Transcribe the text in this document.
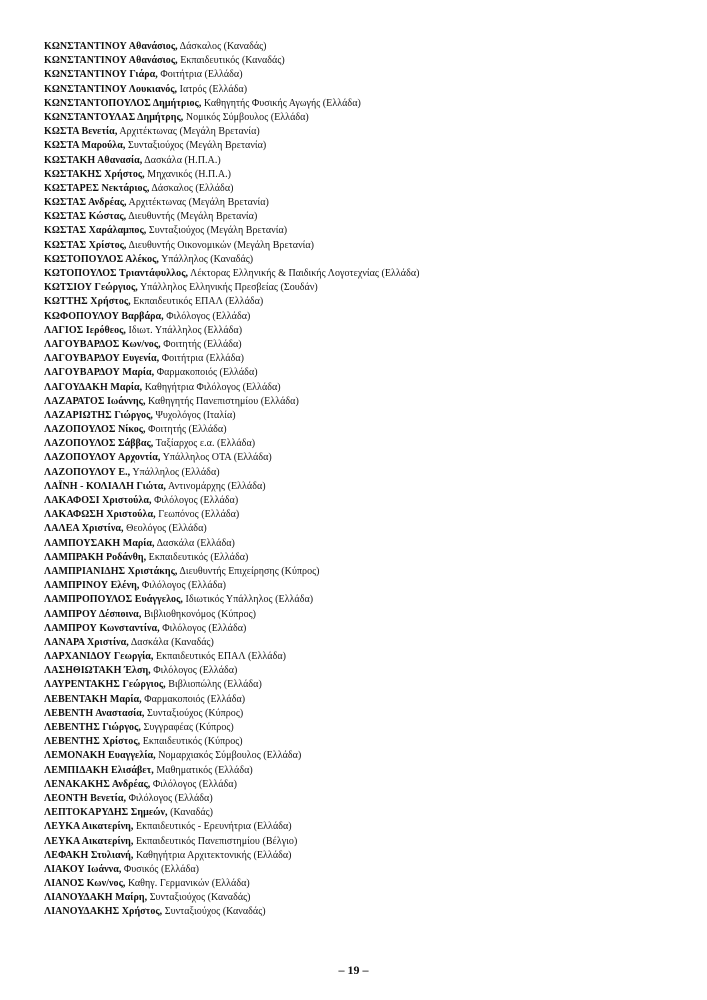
ΚΩΝΣΤΑΝΤΙΝΟΥ Αθανάσιος, Δάσκαλος (Καναδάς)
ΚΩΝΣΤΑΝΤΙΝΟΥ Αθανάσιος, Εκπαιδευτικός (Καναδάς)
ΚΩΝΣΤΑΝΤΙΝΟΥ Γιάρα, Φοιτήτρια (Ελλάδα)
ΚΩΝΣΤΑΝΤΙΝΟΥ Λουκιανός, Ιατρός (Ελλάδα)
ΚΩΝΣΤΑΝΤΟΠΟΥΛΟΣ Δημήτριος, Καθηγητής Φυσικής Αγωγής (Ελλάδα)
ΚΩΝΣΤΑΝΤΟΥΛΑΣ Δημήτρης, Νομικός Σύμβουλος (Ελλάδα)
ΚΩΣΤΑ Βενετία, Αρχιτέκτωνας (Μεγάλη Βρετανία)
ΚΩΣΤΑ Μαρούλα, Συνταξιούχος (Μεγάλη Βρετανία)
ΚΩΣΤΑΚΗ Αθανασία, Δασκάλα (Η.Π.Α.)
ΚΩΣΤΑΚΗΣ Χρήστος, Μηχανικός (Η.Π.Α.)
ΚΩΣΤΑΡΕΣ Νεκτάριος, Δάσκαλος (Ελλάδα)
ΚΩΣΤΑΣ Ανδρέας, Αρχιτέκτωνας (Μεγάλη Βρετανία)
ΚΩΣΤΑΣ Κώστας, Διευθυντής (Μεγάλη Βρετανία)
ΚΩΣΤΑΣ Χαράλαμπος, Συνταξιούχος (Μεγάλη Βρετανία)
ΚΩΣΤΑΣ Χρίστος, Διευθυντής Οικονομικών (Μεγάλη Βρετανία)
ΚΩΣΤΟΠΟΥΛΟΣ Αλέκος, Υπάλληλος (Καναδάς)
ΚΩΤΟΠΟΥΛΟΣ Τριαντάφυλλος, Λέκτορας Ελληνικής & Παιδικής Λογοτεχνίας (Ελλάδα)
ΚΩΤΣΙΟΥ Γεώργιος, Υπάλληλος Ελληνικής Πρεσβείας (Σουδάν)
ΚΩΤΤΗΣ Χρήστος, Εκπαιδευτικός ΕΠΑΛ (Ελλάδα)
ΚΩΦΟΠΟΥΛΟΥ Βαρβάρα, Φιλόλογος (Ελλάδα)
ΛΑΓΙΟΣ Ιερόθεος, Ιδιωτ. Υπάλληλος (Ελλάδα)
ΛΑΓΟΥΒΑΡΔΟΣ Κων/νος, Φοιτητής (Ελλάδα)
ΛΑΓΟΥΒΑΡΔΟΥ Ευγενία, Φοιτήτρια (Ελλάδα)
ΛΑΓΟΥΒΑΡΔΟΥ Μαρία, Φαρμακοποιός (Ελλάδα)
ΛΑΓΟΥΔΑΚΗ Μαρία, Καθηγήτρια Φιλόλογος (Ελλάδα)
ΛΑΖΑΡΑΤΟΣ Ιωάννης, Καθηγητής Πανεπιστημίου (Ελλάδα)
ΛΑΖΑΡΙΩΤΗΣ Γιώργος, Ψυχολόγος (Ιταλία)
ΛΑΖΟΠΟΥΛΟΣ Νίκος, Φοιτητής (Ελλάδα)
ΛΑΖΟΠΟΥΛΟΣ Σάββας, Ταξίαρχος ε.α. (Ελλάδα)
ΛΑΖΟΠΟΥΛΟΥ Αρχοντία, Υπάλληλος ΟΤΑ (Ελλάδα)
ΛΑΖΟΠΟΥΛΟΥ Ε., Υπάλληλος (Ελλάδα)
ΛΑΪΝΗ - ΚΟΛΙΑΛΗ Γιώτα, Αντινομάρχης (Ελλάδα)
ΛΑΚΑΦΟΣΙ Χριστούλα, Φιλόλογος (Ελλάδα)
ΛΑΚΑΦΩΣΗ Χριστούλα, Γεωπόνος (Ελλάδα)
ΛΑΛΕΑ Χριστίνα, Θεολόγος (Ελλάδα)
ΛΑΜΠΟΥΣΑΚΗ Μαρία, Δασκάλα (Ελλάδα)
ΛΑΜΠΡΑΚΗ Ροδάνθη, Εκπαιδευτικός (Ελλάδα)
ΛΑΜΠΡΙΑΝΙΔΗΣ Χριστάκης, Διευθυντής Επιχείρησης (Κύπρος)
ΛΑΜΠΡΙΝΟΥ Ελένη, Φιλόλογος (Ελλάδα)
ΛΑΜΠΡΟΠΟΥΛΟΣ Ευάγγελος, Ιδιωτικός Υπάλληλος (Ελλάδα)
ΛΑΜΠΡΟΥ Δέσποινα, Βιβλιοθηκονόμος (Κύπρος)
ΛΑΜΠΡΟΥ Κωνσταντίνα, Φιλόλογος (Ελλάδα)
ΛΑΝΑΡΑ Χριστίνα, Δασκάλα (Καναδάς)
ΛΑΡΧΑΝΙΔΟΥ Γεωργία, Εκπαιδευτικός ΕΠΑΛ (Ελλάδα)
ΛΑΣΗΘΙΩΤΑΚΗ Έλση, Φιλόλογος (Ελλάδα)
ΛΑΥΡΕΝΤΑΚΗΣ Γεώργιος, Βιβλιοπώλης (Ελλάδα)
ΛΕΒΕΝΤΑΚΗ Μαρία, Φαρμακοποιός (Ελλάδα)
ΛΕΒΕΝΤΗ Αναστασία, Συνταξιούχος (Κύπρος)
ΛΕΒΕΝΤΗΣ Γιώργος, Συγγραφέας (Κύπρος)
ΛΕΒΕΝΤΗΣ Χρίστος, Εκπαιδευτικός (Κύπρος)
ΛΕΜΟΝΑΚΗ Ευαγγελία, Νομαρχιακός Σύμβουλος (Ελλάδα)
ΛΕΜΠΙΔΑΚΗ Ελισάβετ, Μαθηματικός (Ελλάδα)
ΛΕΝΑΚΑΚΗΣ Ανδρέας, Φιλόλογος (Ελλάδα)
ΛΕΟΝΤΗ Βενετία, Φιλόλογος (Ελλάδα)
ΛΕΠΤΟΚΑΡΥΔΗΣ Σημεών, (Καναδάς)
ΛΕΥΚΑ Αικατερίνη, Εκπαιδευτικός - Ερευνήτρια (Ελλάδα)
ΛΕΥΚΑ Αικατερίνη, Εκπαιδευτικός Πανεπιστημίου (Βέλγιο)
ΛΕΦΑΚΗ Στυλιανή, Καθηγήτρια Αρχιτεκτονικής (Ελλάδα)
ΛΙΑΚΟΥ Ιωάννα, Φυσικός (Ελλάδα)
ΛΙΑΝΟΣ Κων/νος, Καθηγ. Γερμανικών (Ελλάδα)
ΛΙΑΝΟΥΔΑΚΗ Μαίρη, Συνταξιούχος (Καναδάς)
ΛΙΑΝΟΥΔΑΚΗΣ Χρήστος, Συνταξιούχος (Καναδάς)
– 19 –
